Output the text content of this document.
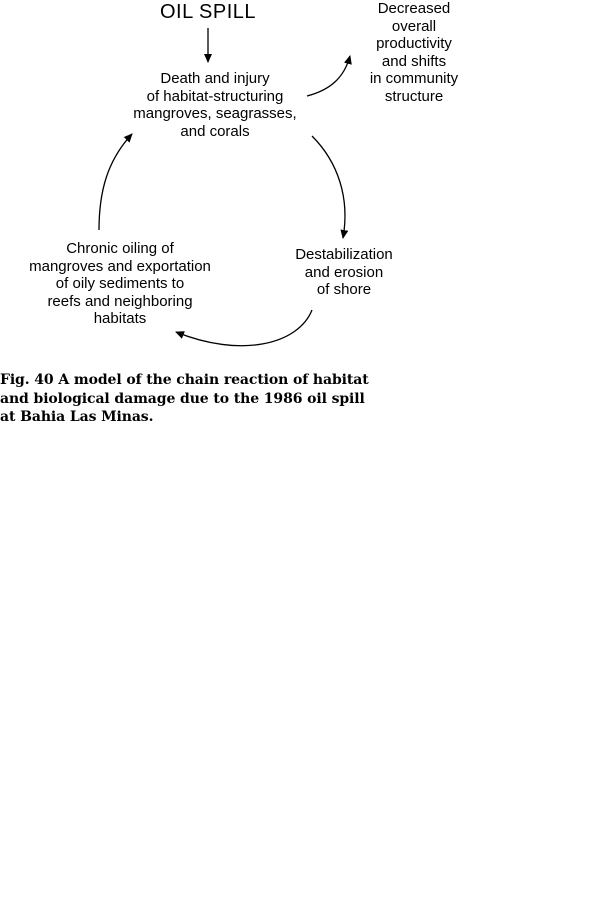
OIL SPILL
Death and injury
of habitat-structuring
mangroves, seagrasses,
and corals
Decreased
overall
productivity
and shifts
in community
structure
Destabilization
and erosion
of shore
Chronic oiling of
mangroves and exportation
of oily sediments to
reefs and neighboring
habitats
Fig. 40 A model of the chain reaction of habitat
and biological damage due to the 1986 oil spill
at Bahia Las Minas.
